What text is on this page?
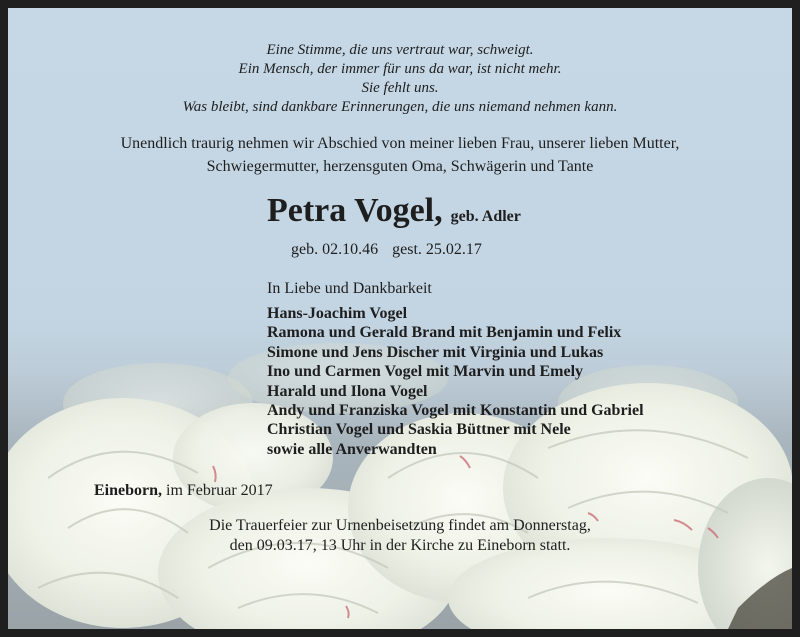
Eine Stimme, die uns vertraut war, schweigt.
Ein Mensch, der immer für uns da war, ist nicht mehr.
Sie fehlt uns.
Was bleibt, sind dankbare Erinnerungen, die uns niemand nehmen kann.
Unendlich traurig nehmen wir Abschied von meiner lieben Frau, unserer lieben Mutter,
Schwiegermutter, herzensguten Oma, Schwägerin und Tante
Petra Vogel, geb. Adler
geb. 02.10.46 gest. 25.02.17
In Liebe und Dankbarkeit
Hans-Joachim Vogel
Ramona und Gerald Brand mit Benjamin und Felix
Simone und Jens Discher mit Virginia und Lukas
Ino und Carmen Vogel mit Marvin und Emely
Harald und Ilona Vogel
Andy und Franziska Vogel mit Konstantin und Gabriel
Christian Vogel und Saskia Büttner mit Nele
sowie alle Anverwandten
Eineborn, im Februar 2017
Die Trauerfeier zur Urnenbeisetzung findet am Donnerstag,
den 09.03.17, 13 Uhr in der Kirche zu Eineborn statt.
